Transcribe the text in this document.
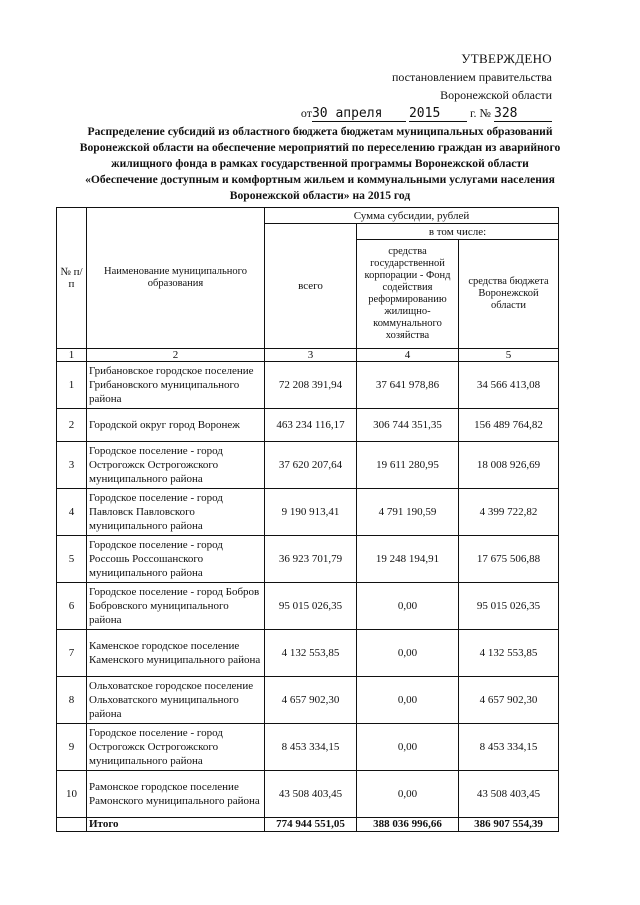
УТВЕРЖДЕНО
постановлением правительства
Воронежской области
от30 апреля 2015 г. № 328
Распределение субсидий из областного бюджета бюджетам муниципальных образований
Воронежской области на обеспечение мероприятий по переселению граждан из аварийного
жилищного фонда в рамках государственной программы Воронежской области
«Обеспечение доступным и комфортным жильем и коммунальными услугами населения
Воронежской области» на 2015 год
№ п/п	Наименование муниципального образования	Сумма субсидии, рублей		
		всего	в том числе:	
			средства государственной корпорации - Фонд содействия реформированию жилищно-коммунального хозяйства	средства бюджета Воронежской области
1	2	3	4	5
1	Грибановское городское поселение Грибановского муниципального района	72 208 391,94	37 641 978,86	34 566 413,08
2	Городской округ город Воронеж	463 234 116,17	306 744 351,35	156 489 764,82
3	Городское поселение - город Острогожск Острогожского муниципального района	37 620 207,64	19 611 280,95	18 008 926,69
4	Городское поселение - город Павловск Павловского муниципального района	9 190 913,41	4 791 190,59	4 399 722,82
5	Городское поселение - город Россошь Россошанского муниципального района	36 923 701,79	19 248 194,91	17 675 506,88
6	Городское поселение - город Бобров Бобровского муниципального района	95 015 026,35	0,00	95 015 026,35
7	Каменское городское поселение Каменского муниципального района	4 132 553,85	0,00	4 132 553,85
8	Ольховатское городское поселение Ольховатского муниципального района	4 657 902,30	0,00	4 657 902,30
9	Городское поселение - город Острогожск Острогожского муниципального района	8 453 334,15	0,00	8 453 334,15
10	Рамонское городское поселение Рамонского муниципального района	43 508 403,45	0,00	43 508 403,45
	Итого	774 944 551,05	388 036 996,66	386 907 554,39
